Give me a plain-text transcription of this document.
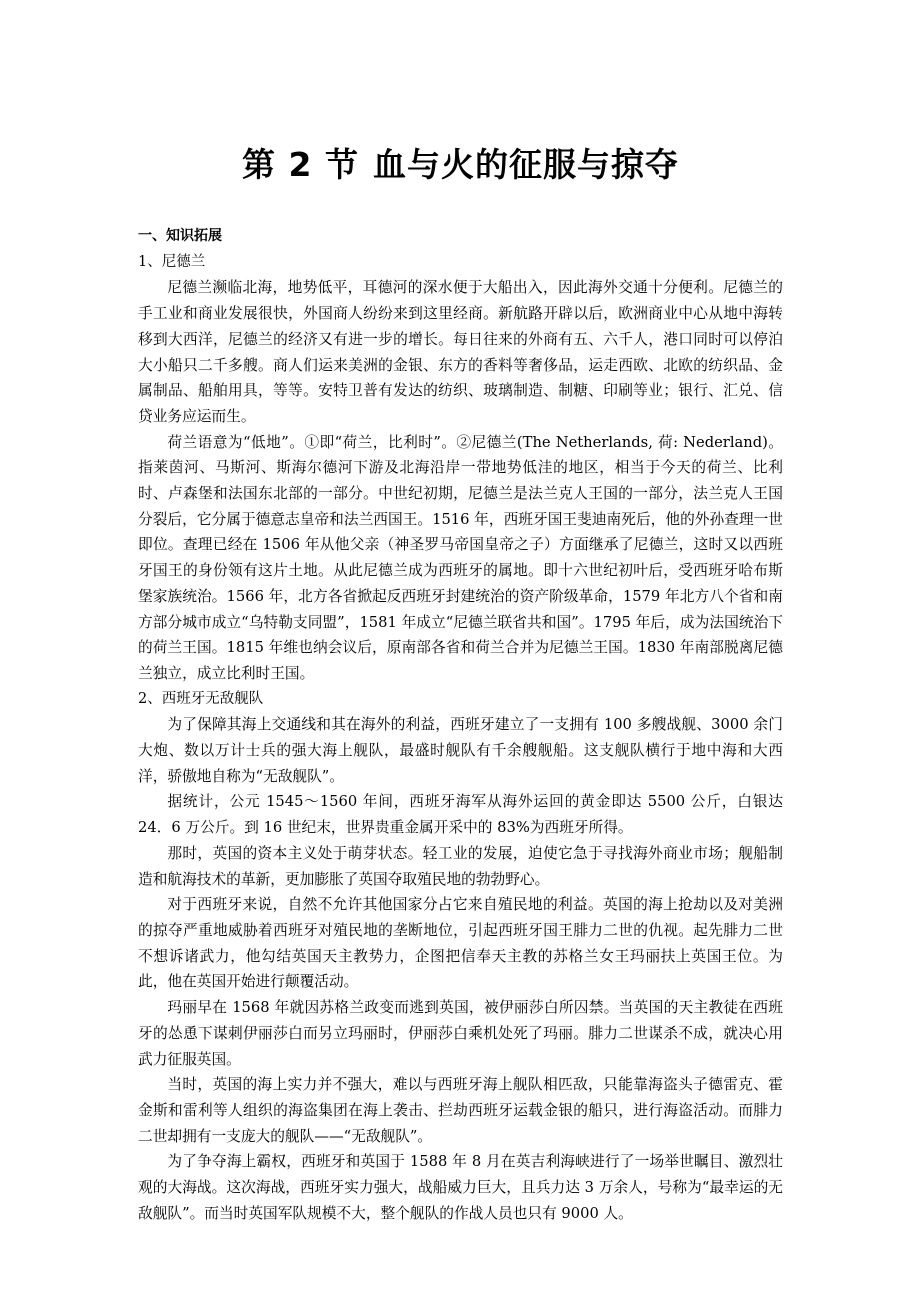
第 2 节 血与火的征服与掠夺

一、知识拓展

1、尼德兰

尼德兰濒临北海，地势低平，耳德河的深水便于大船出入，因此海外交通十分便利。尼德兰的手工业和商业发展很快，外国商人纷纷来到这里经商。新航路开辟以后，欧洲商业中心从地中海转移到大西洋，尼德兰的经济又有进一步的增长。每日往来的外商有五、六千人，港口同时可以停泊大小船只二千多艘。商人们运来美洲的金银、东方的香料等奢侈品，运走西欧、北欧的纺织品、金属制品、船舶用具，等等。安特卫普有发达的纺织、玻璃制造、制糖、印刷等业；银行、汇兑、信贷业务应运而生。

荷兰语意为“低地”。①即“荷兰，比利时”。②尼德兰(The Netherlands, 荷: Nederland)。指莱茵河、马斯河、斯海尔德河下游及北海沿岸一带地势低洼的地区，相当于今天的荷兰、比利时、卢森堡和法国东北部的一部分。中世纪初期，尼德兰是法兰克人王国的一部分，法兰克人王国分裂后，它分属于德意志皇帝和法兰西国王。1516 年，西班牙国王斐迪南死后，他的外孙查理一世即位。查理已经在 1506 年从他父亲（神圣罗马帝国皇帝之子）方面继承了尼德兰，这时又以西班牙国王的身份领有这片土地。从此尼德兰成为西班牙的属地。即十六世纪初叶后，受西班牙哈布斯堡家族统治。1566 年，北方各省掀起反西班牙封建统治的资产阶级革命，1579 年北方八个省和南方部分城市成立“乌特勒支同盟”，1581 年成立“尼德兰联省共和国”。1795 年后，成为法国统治下的荷兰王国。1815 年维也纳会议后，原南部各省和荷兰合并为尼德兰王国。1830 年南部脱离尼德兰独立，成立比利时王国。

2、西班牙无敌舰队

为了保障其海上交通线和其在海外的利益，西班牙建立了一支拥有 100 多艘战舰、3000 余门大炮、数以万计士兵的强大海上舰队，最盛时舰队有千余艘舰船。这支舰队横行于地中海和大西洋，骄傲地自称为“无敌舰队”。

据统计，公元 1545～1560 年间，西班牙海军从海外运回的黄金即达 5500 公斤，白银达 24．6 万公斤。到 16 世纪末，世界贵重金属开采中的 83%为西班牙所得。

那时，英国的资本主义处于萌芽状态。轻工业的发展，迫使它急于寻找海外商业市场；舰船制造和航海技术的革新，更加膨胀了英国夺取殖民地的勃勃野心。

对于西班牙来说，自然不允许其他国家分占它来自殖民地的利益。英国的海上抢劫以及对美洲的掠夺严重地威胁着西班牙对殖民地的垄断地位，引起西班牙国王腓力二世的仇视。起先腓力二世不想诉诸武力，他勾结英国天主教势力，企图把信奉天主教的苏格兰女王玛丽扶上英国王位。为此，他在英国开始进行颠覆活动。

玛丽早在 1568 年就因苏格兰政变而逃到英国，被伊丽莎白所囚禁。当英国的天主教徒在西班牙的怂恿下谋刺伊丽莎白而另立玛丽时，伊丽莎白乘机处死了玛丽。腓力二世谋杀不成，就决心用武力征服英国。

当时，英国的海上实力并不强大，难以与西班牙海上舰队相匹敌，只能靠海盗头子德雷克、霍金斯和雷利等人组织的海盗集团在海上袭击、拦劫西班牙运载金银的船只，进行海盗活动。而腓力二世却拥有一支庞大的舰队——“无敌舰队”。

为了争夺海上霸权，西班牙和英国于 1588 年 8 月在英吉利海峡进行了一场举世瞩目、激烈壮观的大海战。这次海战，西班牙实力强大，战船威力巨大，且兵力达 3 万余人，号称为“最幸运的无敌舰队”。而当时英国军队规模不大，整个舰队的作战人员也只有 9000 人。
